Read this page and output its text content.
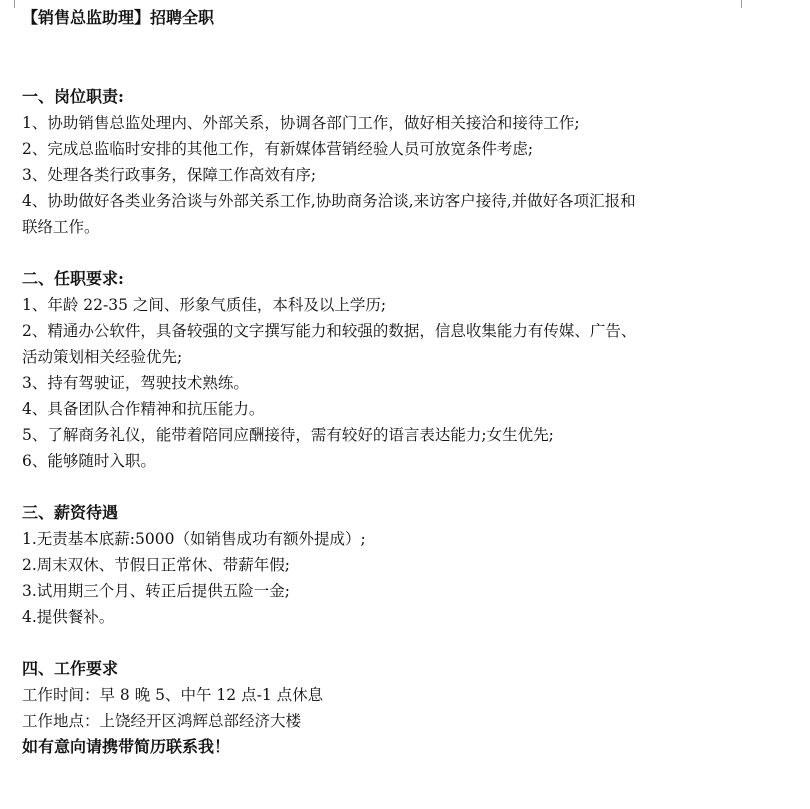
【销售总监助理】招聘全职
一、岗位职责:
1、协助销售总监处理内、外部关系，协调各部门工作，做好相关接洽和接待工作;
2、完成总监临时安排的其他工作，有新媒体营销经验人员可放宽条件考虑;
3、处理各类行政事务，保障工作高效有序;
4、协助做好各类业务洽谈与外部关系工作,协助商务洽谈,来访客户接待,并做好各项汇报和
联络工作。
二、任职要求:
1、年龄 22-35 之间、形象气质佳，本科及以上学历;
2、精通办公软件，具备较强的文字撰写能力和较强的数据，信息收集能力有传媒、广告、
活动策划相关经验优先;
3、持有驾驶证，驾驶技术熟练。
4、具备团队合作精神和抗压能力。
5、了解商务礼仪，能带着陪同应酬接待，需有较好的语言表达能力;女生优先;
6、能够随时入职。
三、薪资待遇
1.无责基本底薪:5000（如销售成功有额外提成）;
2.周末双休、节假日正常休、带薪年假;
3.试用期三个月、转正后提供五险一金;
4.提供餐补。
四、工作要求
工作时间：早 8 晚 5、中午 12 点-1 点休息
工作地点：上饶经开区鸿辉总部经济大楼
如有意向请携带简历联系我！
